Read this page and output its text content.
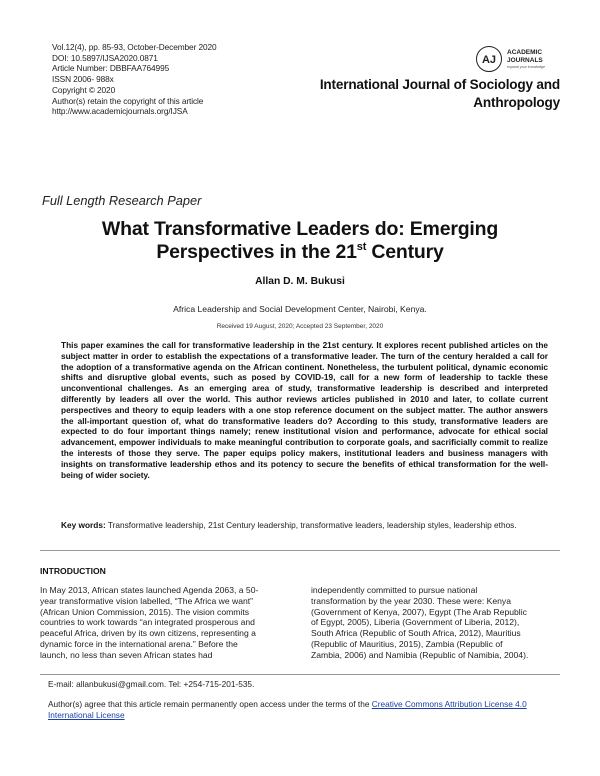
Vol.12(4), pp. 85-93, October-December 2020
DOI: 10.5897/IJSA2020.0871
Article Number: DBBFAA764995
ISSN 2006- 988x
Copyright © 2020
Author(s) retain the copyright of this article
http://www.academicjournals.org/IJSA
AJ
ACADEMIC
JOURNALS
expand your knowledge
International Journal of Sociology and
Anthropology
Full Length Research Paper
What Transformative Leaders do: Emerging
Perspectives in the 21st Century
Allan D. M. Bukusi
Africa Leadership and Social Development Center, Nairobi, Kenya.
Received 19 August, 2020; Accepted 23 September, 2020
This paper examines the call for transformative leadership in the 21st century. It explores recent published articles on the subject matter in order to establish the expectations of a transformative leader. The turn of the century heralded a call for the adoption of a transformative agenda on the African continent. Nonetheless, the turbulent political, dynamic economic shifts and disruptive global events, such as posed by COVID-19, call for a new form of leadership to tackle these unconventional challenges. As an emerging area of study, transformative leadership is described and interpreted differently by leaders all over the world. This author reviews articles published in 2010 and later, to collate current perspectives and theory to equip leaders with a one stop reference document on the subject matter. The author answers the all-important question of, what do transformative leaders do? According to this study, transformative leaders are expected to do four important things namely; renew institutional vision and performance, advocate for ethical social advancement, empower individuals to make meaningful contribution to corporate goals, and sacrificially commit to realize the interests of those they serve. The paper equips policy makers, institutional leaders and business managers with insights on transformative leadership ethos and its potency to secure the benefits of ethical transformation for the well-being of wider society.
Key words: Transformative leadership, 21st Century leadership, transformative leaders, leadership styles, leadership ethos.
INTRODUCTION
In May 2013, African states launched Agenda 2063, a 50-
year transformative vision labelled, “The Africa we want”
(African Union Commission, 2015). The vision commits
countries to work towards “an integrated prosperous and
peaceful Africa, driven by its own citizens, representing a
dynamic force in the international arena.” Before the
launch, no less than seven African states had
independently committed to pursue national
transformation by the year 2030. These were: Kenya
(Government of Kenya, 2007), Egypt (The Arab Republic
of Egypt, 2005), Liberia (Government of Liberia, 2012),
South Africa (Republic of South Africa, 2012), Mauritius
(Republic of Mauritius, 2015), Zambia (Republic of
Zambia, 2006) and Namibia (Republic of Namibia, 2004).
E-mail: allanbukusi@gmail.com. Tel: +254-715-201-535.
Author(s) agree that this article remain permanently open access under the terms of the Creative Commons Attribution License 4.0 International License
